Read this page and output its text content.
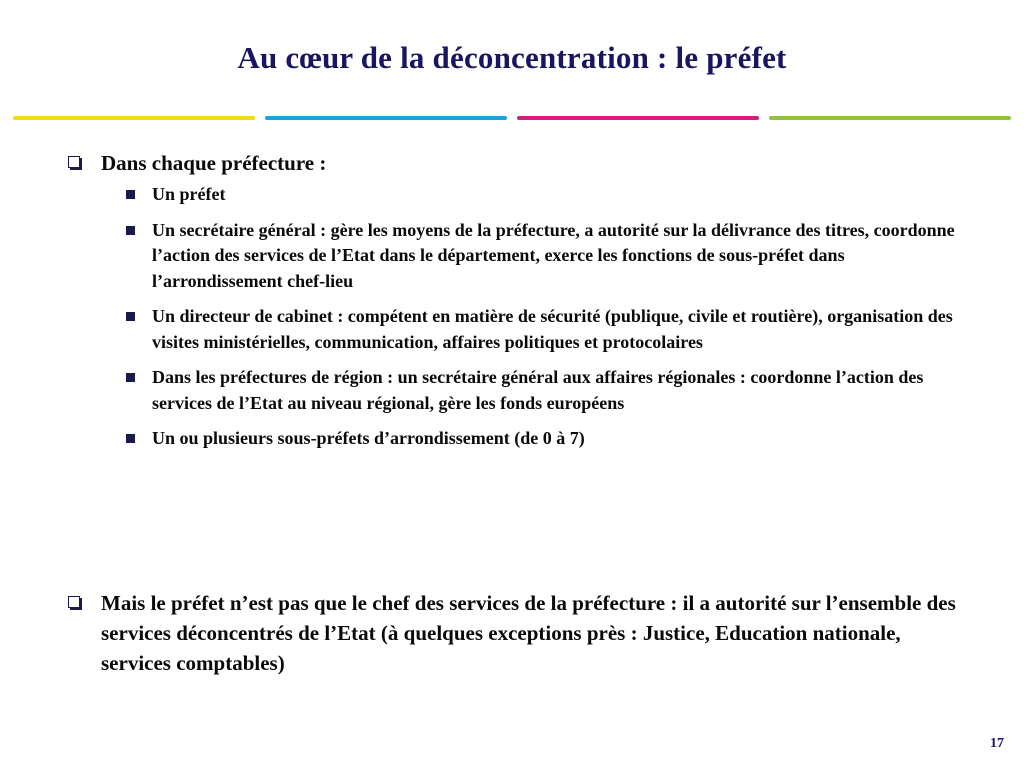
Au cœur de la déconcentration : le préfet
Dans chaque préfecture :
Un préfet
Un secrétaire général : gère les moyens de la préfecture, a autorité sur la délivrance des titres, coordonne l’action des services de l’Etat dans le département, exerce les fonctions de sous-préfet dans l’arrondissement chef-lieu
Un directeur de cabinet : compétent en matière de sécurité (publique, civile et routière), organisation des visites ministérielles, communication, affaires politiques et protocolaires
Dans les préfectures de région : un secrétaire général aux affaires régionales : coordonne l’action des services de l’Etat au niveau régional, gère les fonds européens
Un ou plusieurs sous-préfets d’arrondissement (de 0 à 7)
Mais le préfet n’est pas que le chef des services de la préfecture : il a autorité sur l’ensemble des services déconcentrés de l’Etat (à quelques exceptions près : Justice, Education nationale, services comptables)
17
